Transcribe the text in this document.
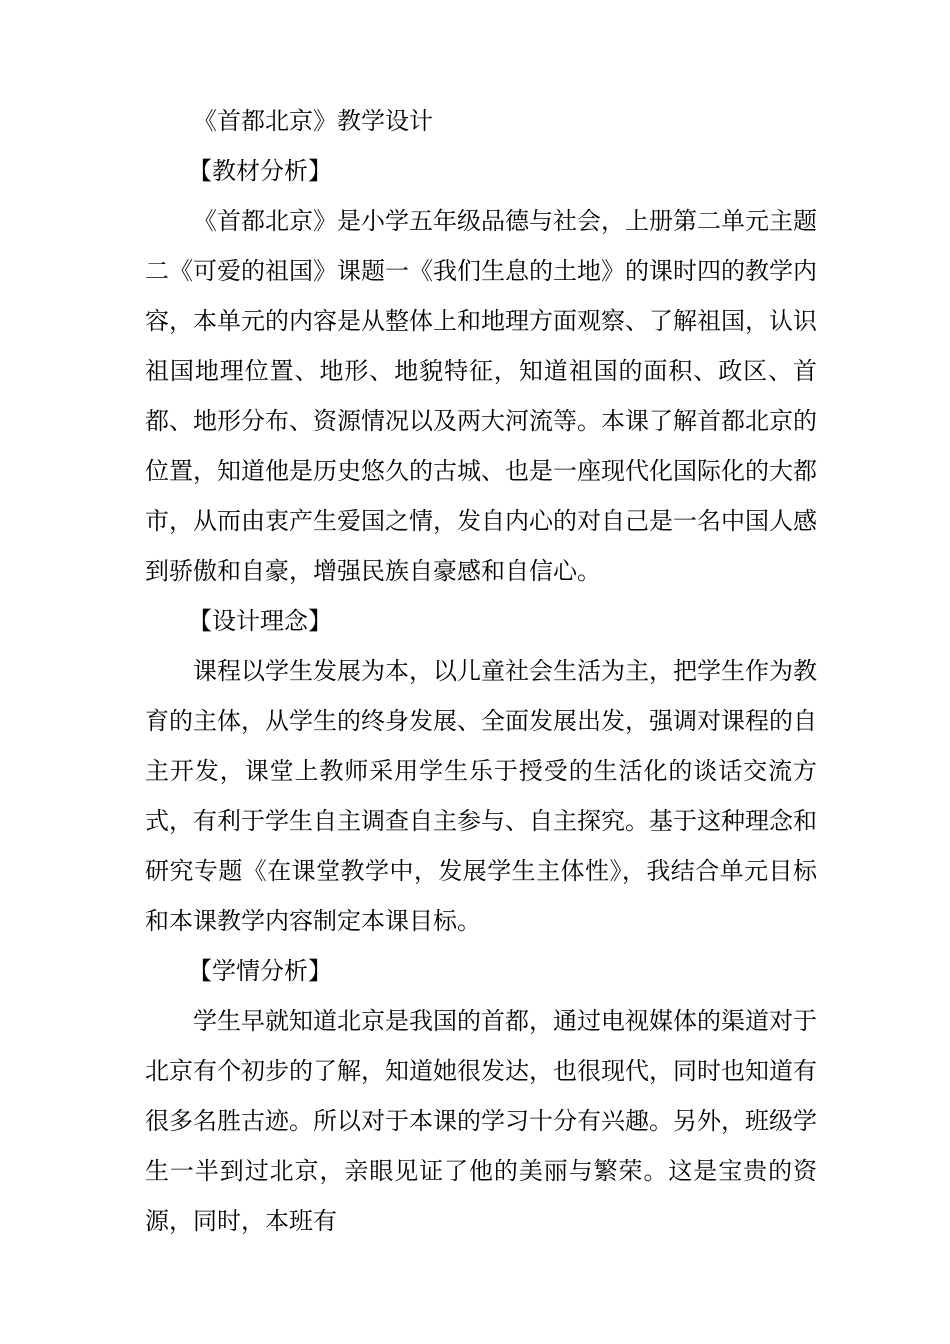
《首都北京》教学设计
【教材分析】

《首都北京》是小学五年级品德与社会，上册第二单元主题二《可爱的祖国》课题一《我们生息的土地》的课时四的教学内容，本单元的内容是从整体上和地理方面观察、了解祖国，认识祖国地理位置、地形、地貌特征，知道祖国的面积、政区、首都、地形分布、资源情况以及两大河流等。本课了解首都北京的位置，知道他是历史悠久的古城、也是一座现代化国际化的大都市，从而由衷产生爱国之情，发自内心的对自己是一名中国人感到骄傲和自豪，增强民族自豪感和自信心。

【设计理念】

课程以学生发展为本，以儿童社会生活为主，把学生作为教育的主体，从学生的终身发展、全面发展出发，强调对课程的自主开发，课堂上教师采用学生乐于授受的生活化的谈话交流方式，有利于学生自主调查自主参与、自主探究。基于这种理念和研究专题《在课堂教学中，发展学生主体性》，我结合单元目标和本课教学内容制定本课目标。

【学情分析】

学生早就知道北京是我国的首都，通过电视媒体的渠道对于北京有个初步的了解，知道她很发达，也很现代，同时也知道有很多名胜古迹。所以对于本课的学习十分有兴趣。另外，班级学生一半到过北京，亲眼见证了他的美丽与繁荣。这是宝贵的资源，同时，本班有
